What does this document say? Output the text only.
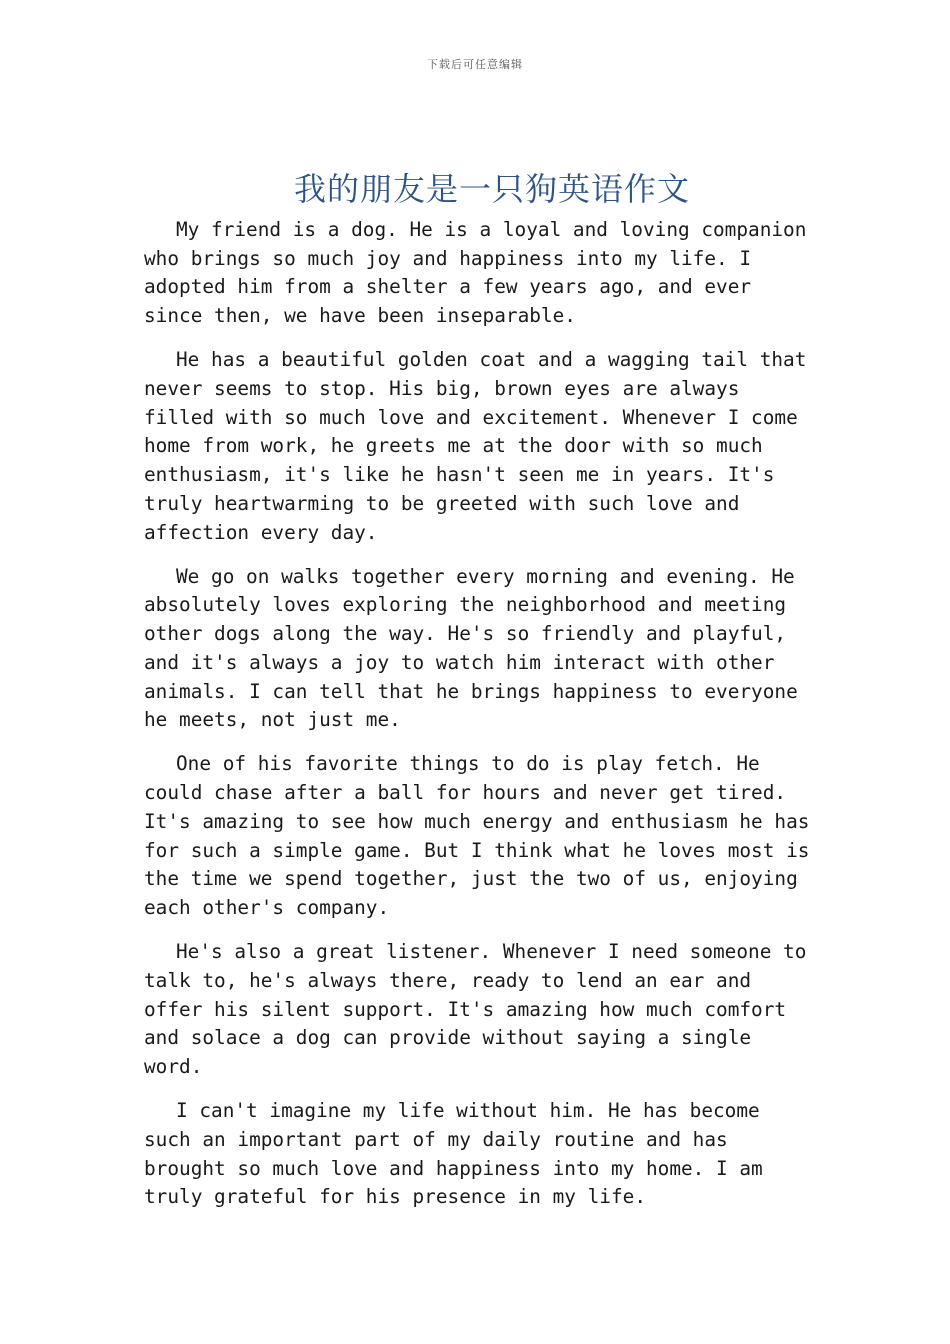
下载后可任意编辑
我的朋友是一只狗英语作文

My friend is a dog. He is a loyal and loving companion who brings so much joy and happiness into my life. I adopted him from a shelter a few years ago, and ever since then, we have been inseparable.

He has a beautiful golden coat and a wagging tail that never seems to stop. His big, brown eyes are always filled with so much love and excitement. Whenever I come home from work, he greets me at the door with so much enthusiasm, it's like he hasn't seen me in years. It's truly heartwarming to be greeted with such love and affection every day.

We go on walks together every morning and evening. He absolutely loves exploring the neighborhood and meeting other dogs along the way. He's so friendly and playful, and it's always a joy to watch him interact with other animals. I can tell that he brings happiness to everyone he meets, not just me.

One of his favorite things to do is play fetch. He could chase after a ball for hours and never get tired. It's amazing to see how much energy and enthusiasm he has for such a simple game. But I think what he loves most is the time we spend together, just the two of us, enjoying each other's company.

He's also a great listener. Whenever I need someone to talk to, he's always there, ready to lend an ear and offer his silent support. It's amazing how much comfort and solace a dog can provide without saying a single word.

I can't imagine my life without him. He has become such an important part of my daily routine and has brought so much love and happiness into my home. I am truly grateful for his presence in my life.
